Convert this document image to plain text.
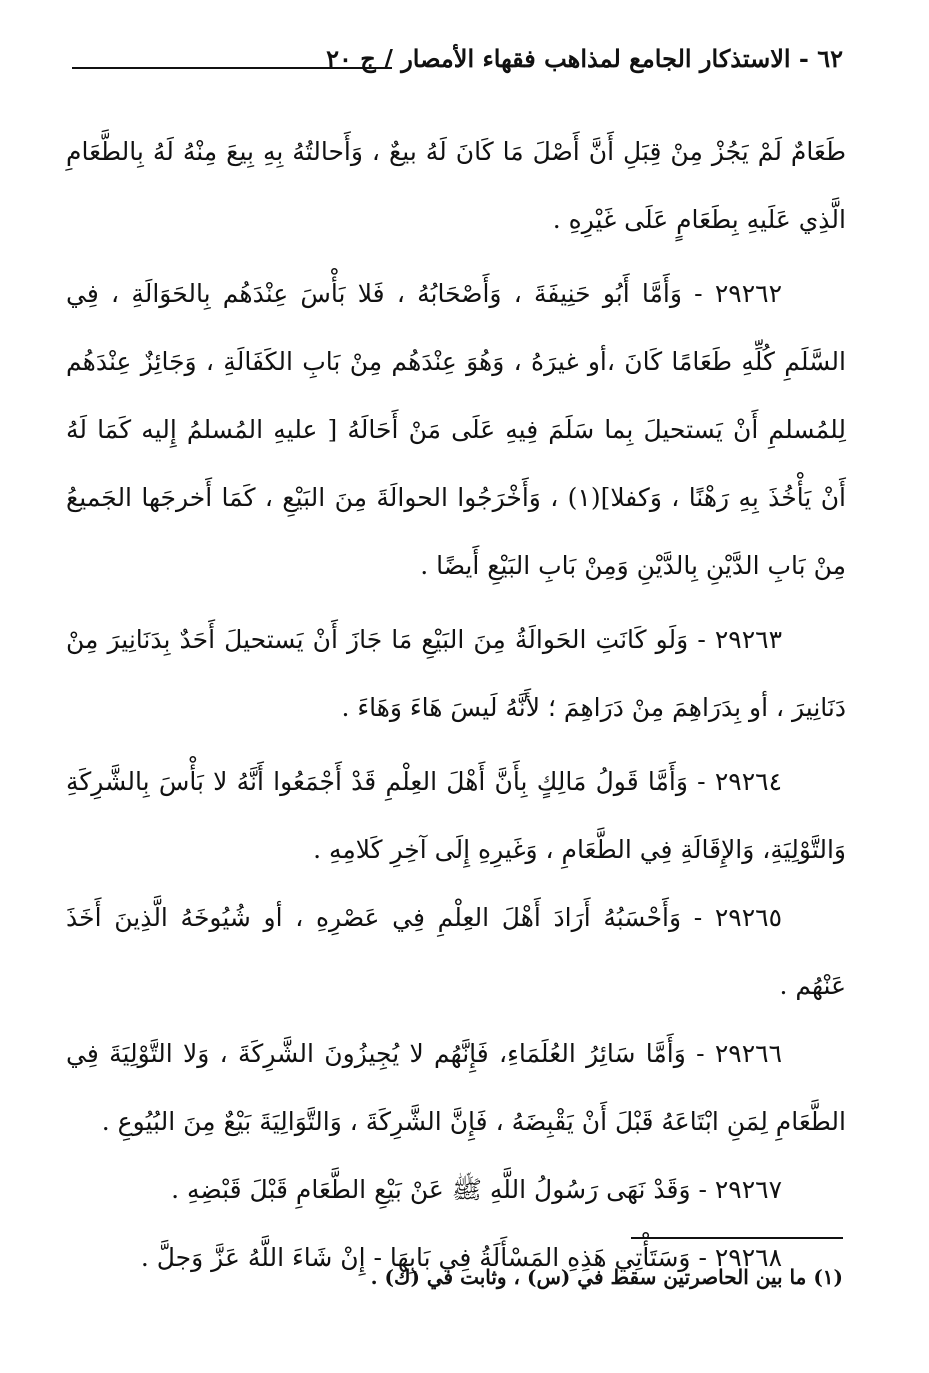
٦٢ - الاستذكار الجامع لمذاهب فقهاء الأمصار / ج ٢٠

طَعَامٌ لَمْ يَجُزْ مِنْ قِبَلِ أَنَّ أَصْلَ مَا كَانَ لَهُ بيعٌ ، وَأَحالتُهُ بِهِ بِيعَ مِنْهُ لَهُ بِالطَّعَامِ الَّذِي عَلَيهِ بِطَعَامٍ عَلَى غَيْرِهِ .

٢٩٢٦٢ - وَأَمَّا أَبُو حَنِيفَةَ ، وَأَصْحَابُهُ ، فَلا بَأْسَ عِنْدَهُم بِالحَوَالَةِ ، فِي السَّلَمِ كُلِّهِ طَعَامًا كَانَ ،أو غيرَهُ ، وَهُوَ عِنْدَهُم مِنْ بَابِ الكَفَالَةِ ، وَجَائِزٌ عِنْدَهُم لِلمُسلمِ أَنْ يَستحيلَ بِما سَلَمَ فِيهِ عَلَى مَنْ أَحَالَهُ [ عليهِ المُسلمُ إِليه كَمَا لَهُ أَنْ يَأْخُذَ بِهِ رَهْنًا ، وَكفلا](١) ، وَأَخْرَجُوا الحوالَةَ مِنَ البَيْعِ ، كَمَا أَخرجَها الجَميعُ مِنْ بَابِ الدَّيْنِ بِالدَّيْنِ وَمِنْ بَابِ البَيْعِ أَيضًا .

٢٩٢٦٣ - وَلَو كَانَتِ الحَوالَةُ مِنَ البَيْعِ مَا جَازَ أَنْ يَستحيلَ أَحَدٌ بِدَنَانِيرَ مِنْ دَنَانِيرَ ، أو بِدَرَاهِمَ مِنْ دَرَاهِمَ ؛ لأَنَّهُ لَيسَ هَاءَ وَهَاءَ .

٢٩٢٦٤ - وَأَمَّا قَولُ مَالِكٍ بِأَنَّ أَهْلَ العِلْمِ قَدْ أَجْمَعُوا أَنَّهُ لا بَأْسَ بِالشَّرِكَةِ وَالتَّوْلِيَةِ، وَالإِقَالَةِ فِي الطَّعَامِ ، وَغَيرِهِ إِلَى آخِرِ كَلامِهِ .

٢٩٢٦٥ - وَأَحْسَبُهُ أَرَادَ أَهْلَ العِلْمِ فِي عَصْرِهِ ، أو شُيُوخَهُ الَّذِينَ أَخَذَ عَنْهُم .

٢٩٢٦٦ - وَأَمَّا سَائِرُ العُلَمَاءِ، فَإِنَّهُم لا يُجِيزُونَ الشَّرِكَةَ ، وَلا التَّوْلِيَةَ فِي الطَّعَامِ لِمَنِ ابْتَاعَهُ قَبْلَ أَنْ يَقْبِضَهُ ، فَإِنَّ الشَّرِكَةَ ، وَالتَّوَالِيَةَ بَيْعٌ مِنَ البُيُوعِ .

٢٩٢٦٧ - وَقَدْ نَهَى رَسُولُ اللَّهِ ﷺ عَنْ بَيْعِ الطَّعَامِ قَبْلَ قَبْضِهِ .

٢٩٢٦٨ - وَسَتَأْتِي هَذِهِ المَسْأَلَةُ فِي بَابِهَا - إِنْ شَاءَ اللَّهُ عَزَّ وَجلَّ .

(١) ما بين الحاصرتين سقط في (س) ، وثابت في (ك) .
